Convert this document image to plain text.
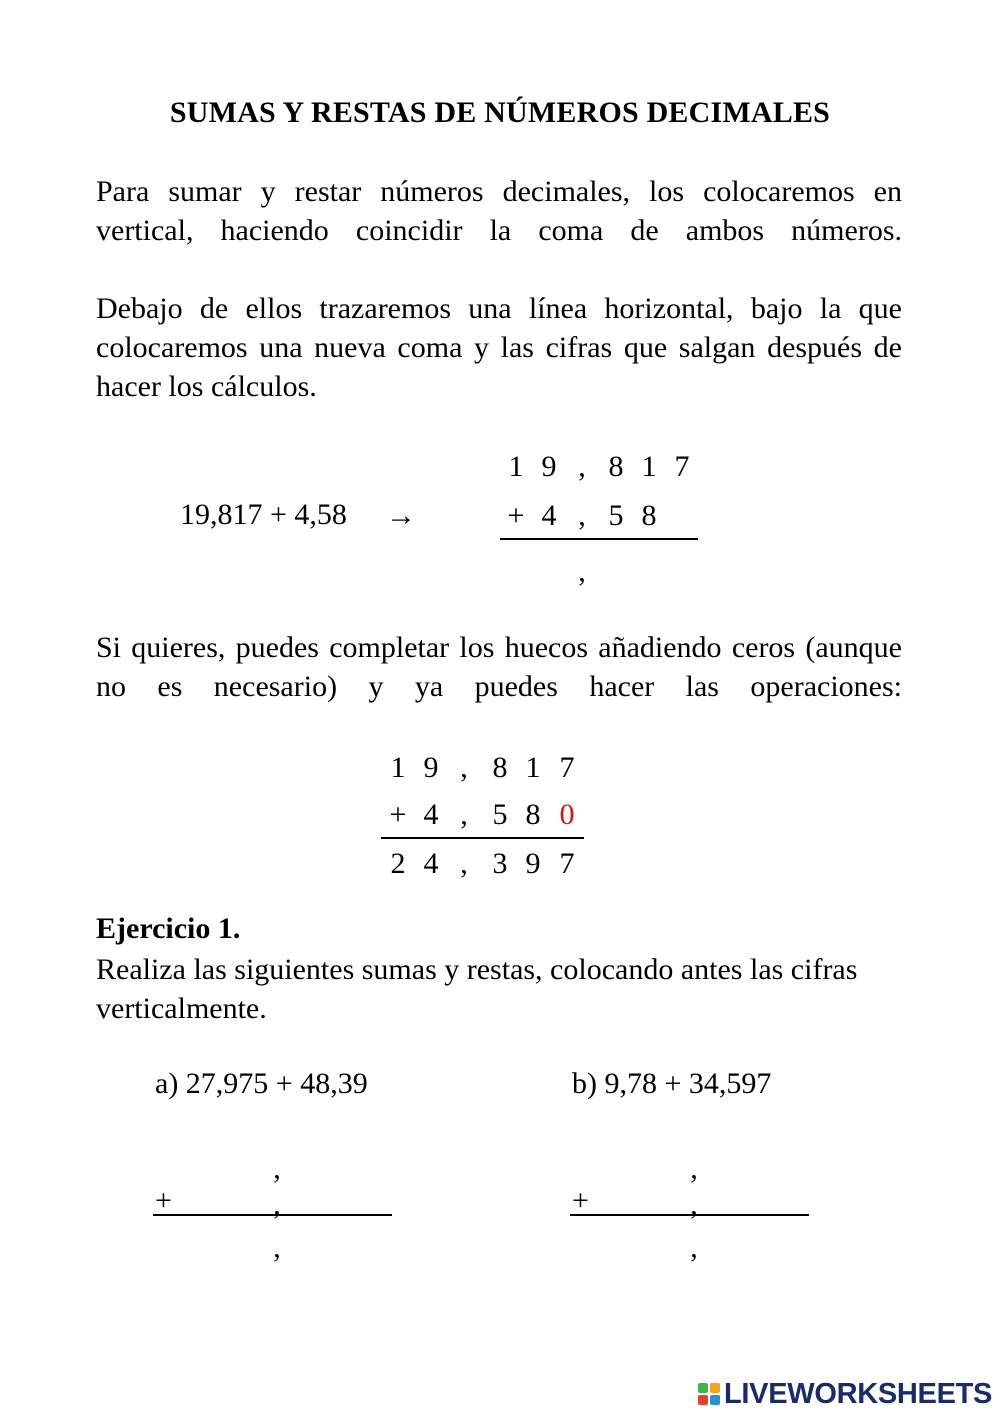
SUMAS Y RESTAS DE NÚMEROS DECIMALES
Para sumar y restar números decimales, los colocaremos en vertical, haciendo coincidir la coma de ambos números.
Debajo de ellos trazaremos una línea horizontal, bajo la que colocaremos una nueva coma y las cifras que salgan después de hacer los cálculos.
19,817 + 4,58 →
1 9 , 8 1 7
+ 4 , 5 8
,
Si quieres, puedes completar los huecos añadiendo ceros (aunque no es necesario) y ya puedes hacer las operaciones:
1 9 , 8 1 7
+ 4 , 5 8 0
2 4 , 3 9 7
Ejercicio 1.
Realiza las siguientes sumas y restas, colocando antes las cifras verticalmente.
a) 27,975 + 48,39
,
+	,
,
b) 9,78 + 34,597
,
+	,
,
LIVEWORKSHEETS
